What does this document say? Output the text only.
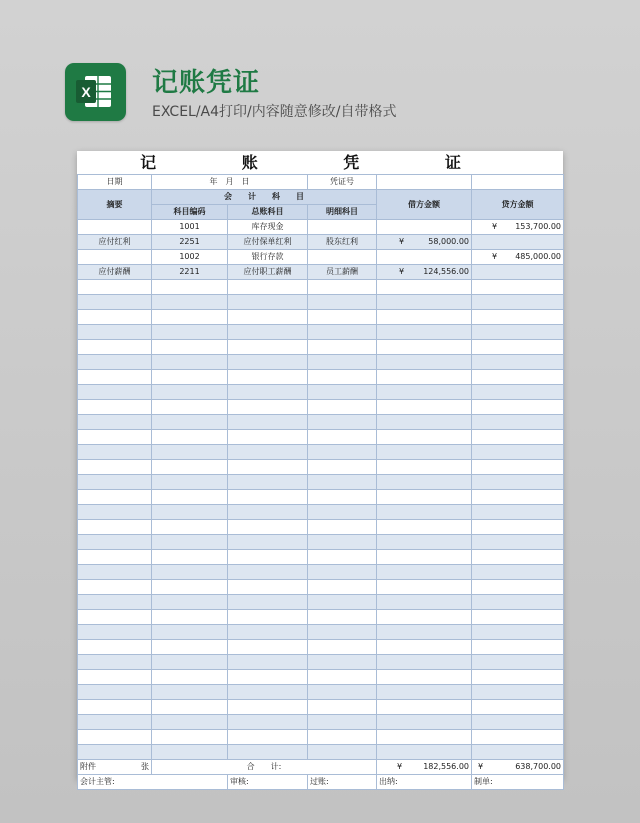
X 记账凭证
EXCEL/A4打印/内容随意修改/自带格式
记 账 凭 证					
日期	年　月　日		凭证号		
摘要	会　　计　　科　　目			借方金额	贷方金额
	科目编码	总账科目	明细科目		
	1001	库存现金			¥ 153,700.00
应付红利	2251	应付保单红利	股东红利	¥ 58,000.00	

	1002	银行存款			¥ 485,000.00
应付薪酬	2211	应付职工薪酬	员工薪酬	¥ 124,556.00	

附件 张	合　　计:			¥ 182,556.00	¥ 638,700.00
会计主管:		审核:	过账:	出纳:	制单:
